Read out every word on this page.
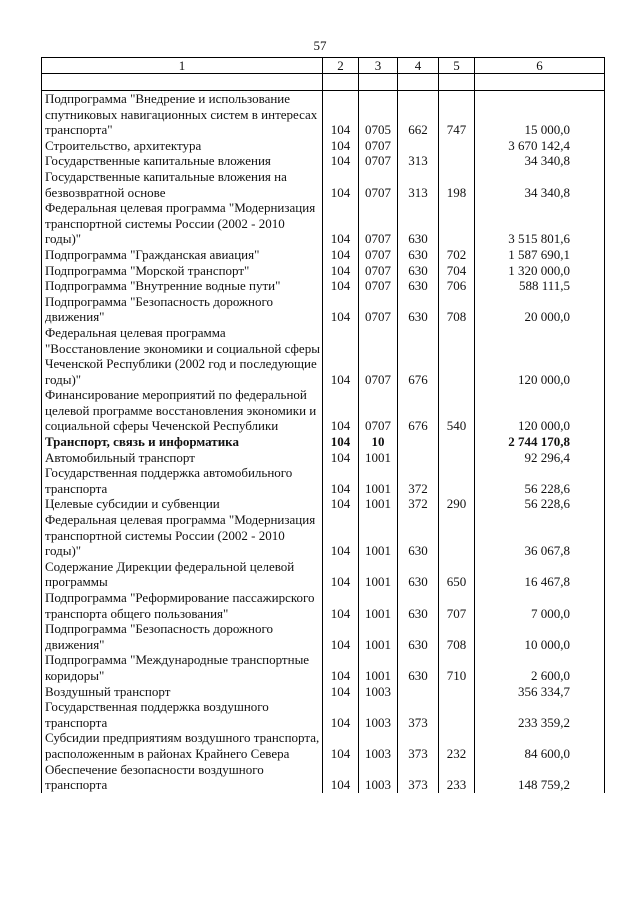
57
1	2	3	4	5	6

Подпрограмма "Внедрение и использование спутниковых навигационных систем в интересах транспорта"	104	0705	662	747	15 000,0
Строительство, архитектура	104	0707			3 670 142,4
Государственные капитальные вложения	104	0707	313		34 340,8
Государственные капитальные вложения на безвозвратной основе	104	0707	313	198	34 340,8
Федеральная целевая программа "Модернизация транспортной системы России (2002 - 2010 годы)"	104	0707	630		3 515 801,6
Подпрограмма "Гражданская авиация"	104	0707	630	702	1 587 690,1
Подпрограмма "Морской транспорт"	104	0707	630	704	1 320 000,0
Подпрограмма "Внутренние водные пути"	104	0707	630	706	588 111,5
Подпрограмма "Безопасность дорожного движения"	104	0707	630	708	20 000,0
Федеральная целевая программа "Восстановление экономики и социальной сферы Чеченской Республики (2002 год и последующие годы)"	104	0707	676		120 000,0
Финансирование мероприятий по федеральной целевой программе восстановления экономики и социальной сферы Чеченской Республики	104	0707	676	540	120 000,0
Транспорт, связь и информатика	104	10			2 744 170,8
Автомобильный транспорт	104	1001			92 296,4
Государственная поддержка автомобильного транспорта	104	1001	372		56 228,6
Целевые субсидии и субвенции	104	1001	372	290	56 228,6
Федеральная целевая программа "Модернизация транспортной системы России (2002 - 2010 годы)"	104	1001	630		36 067,8
Содержание Дирекции федеральной целевой программы	104	1001	630	650	16 467,8
Подпрограмма "Реформирование пассажирского транспорта общего пользования"	104	1001	630	707	7 000,0
Подпрограмма "Безопасность дорожного движения"	104	1001	630	708	10 000,0
Подпрограмма "Международные транспортные коридоры"	104	1001	630	710	2 600,0
Воздушный транспорт	104	1003			356 334,7
Государственная поддержка воздушного транспорта	104	1003	373		233 359,2
Субсидии предприятиям воздушного транспорта, расположенным в районах Крайнего Севера	104	1003	373	232	84 600,0
Обеспечение безопасности воздушного транспорта	104	1003	373	233	148 759,2
